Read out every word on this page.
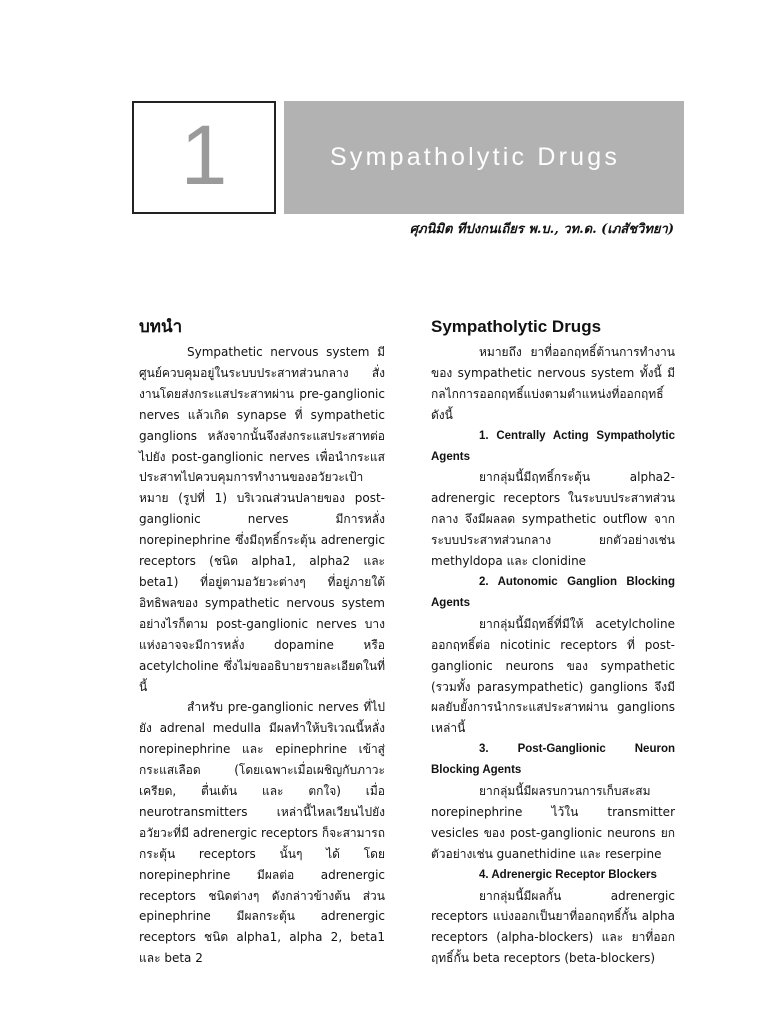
Sympatholytic Drugs
1
ศุภนิมิต ทีปงกนเถียร พ.บ., วท.ด. (เภสัชวิทยา)
บทนำ

Sympathetic nervous system มีศูนย์ควบคุมอยู่ในระบบประสาทส่วนกลาง สั่งงานโดยส่งกระแสประสาทผ่าน pre-ganglionic nerves แล้วเกิด synapse ที่ sympathetic ganglions หลังจากนั้นจึงส่งกระแสประสาทต่อไปยัง post-ganglionic nerves เพื่อนำกระแสประสาทไปควบคุมการทำงานของอวัยวะเป้าหมาย (รูปที่ 1) บริเวณส่วนปลายของ post-ganglionic nerves มีการหลั่ง norepinephrine ซึ่งมีฤทธิ์กระตุ้น adrenergic receptors (ชนิด alpha1, alpha2 และ beta1) ที่อยู่ตามอวัยวะต่างๆ ที่อยู่ภายใต้อิทธิพลของ sympathetic nervous system อย่างไรก็ตาม post-ganglionic nerves บางแห่งอาจจะมีการหลั่ง dopamine หรือ acetylcholine ซึ่งไม่ขออธิบายรายละเอียดในที่นี้

สำหรับ pre-ganglionic nerves ที่ไปยัง adrenal medulla มีผลทำให้บริเวณนี้หลั่ง norepinephrine และ epinephrine เข้าสู่กระแสเลือด (โดยเฉพาะเมื่อเผชิญกับภาวะเครียด, ตื่นเต้น และ ตกใจ) เมื่อ neurotransmitters เหล่านี้ไหลเวียนไปยังอวัยวะที่มี adrenergic receptors ก็จะสามารถกระตุ้น receptors นั้นๆ ได้ โดย norepinephrine มีผลต่อ adrenergic receptors ชนิดต่างๆ ดังกล่าวข้างต้น ส่วน epinephrine มีผลกระตุ้น adrenergic receptors ชนิด alpha1, alpha 2, beta1 และ beta 2

Sympatholytic Drugs

หมายถึง ยาที่ออกฤทธิ์ต้านการทำงานของ sympathetic nervous system ทั้งนี้ มีกลไกการออกฤทธิ์แบ่งตามตำแหน่งที่ออกฤทธิ์ดังนี้

1. Centrally Acting Sympatholytic Agents

ยากลุ่มนี้มีฤทธิ์กระตุ้น alpha2-adrenergic receptors ในระบบประสาทส่วนกลาง จึงมีผลลด sympathetic outflow จากระบบประสาทส่วนกลาง ยกตัวอย่างเช่น methyldopa และ clonidine

2. Autonomic Ganglion Blocking Agents

ยากลุ่มนี้มีฤทธิ์ที่มีให้ acetylcholine ออกฤทธิ์ต่อ nicotinic receptors ที่ post-ganglionic neurons ของ sympathetic (รวมทั้ง parasympathetic) ganglions จึงมีผลยับยั้งการนำกระแสประสาทผ่าน ganglions เหล่านี้

3. Post-Ganglionic Neuron Blocking Agents

ยากลุ่มนี้มีผลรบกวนการเก็บสะสม norepinephrine ไว้ใน transmitter vesicles ของ post-ganglionic neurons ยกตัวอย่างเช่น guanethidine และ reserpine

4. Adrenergic Receptor Blockers

ยากลุ่มนี้มีผลกั้น adrenergic receptors แบ่งออกเป็นยาที่ออกฤทธิ์กั้น alpha receptors (alpha-blockers) และ ยาที่ออกฤทธิ์กั้น beta receptors (beta-blockers)
